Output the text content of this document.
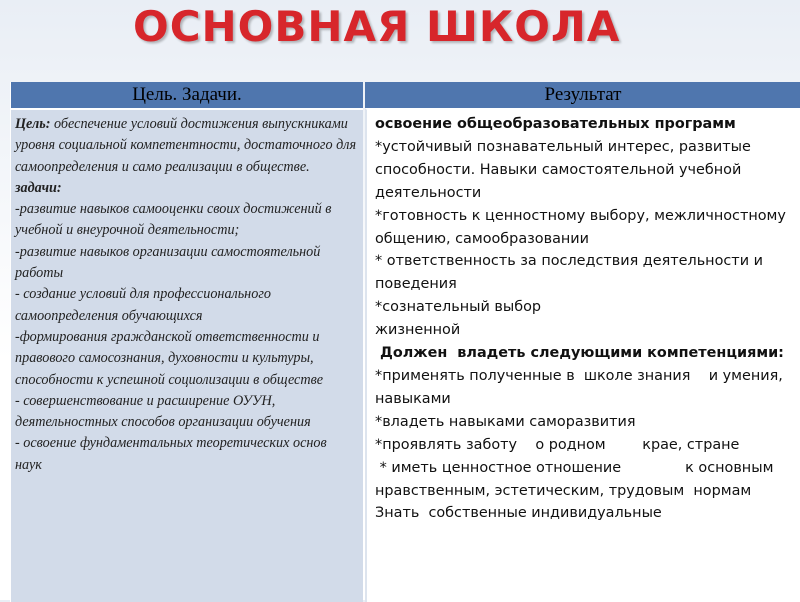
ОСНОВНАЯ ШКОЛА
Цель. Задачи.	Результат

Цель: обеспечение условий достижения выпускниками уровня социальной компетентности, достаточного для самоопределения и само реализации в обществе.

задачи:

-развитие навыков самооценки своих достижений в учебной и внеурочной деятельности;

-развитие навыков организации самостоятельной работы

- создание условий для профессионального самоопределения обучающихся

-формирования гражданской ответственности и правового самосознания, духовности и культуры, способности к успешной социолизации в обществе

- совершенствование и расширение ОУУН, деятельностных способов организации обучения

- освоение фундаментальных теоретических основ наук

освоение общеобразовательных программ

*устойчивый познавательный интерес, развитые способности. Навыки самостоятельной учебной деятельности

*готовность к ценностному выбору, межличностному общению, самообразовании

* ответственность за последствия деятельности и поведения

*сознательный выбор
жизненной

Должен  владеть следующими компетенциями:

*применять полученные в  школе знания    и умения, навыками

*владеть навыками саморазвития

*проявлять заботу    о родном        крае, стране

* иметь ценностное отношение              к основным  нравственным, эстетическим, трудовым  нормам

Знать  собственные индивидуальные
